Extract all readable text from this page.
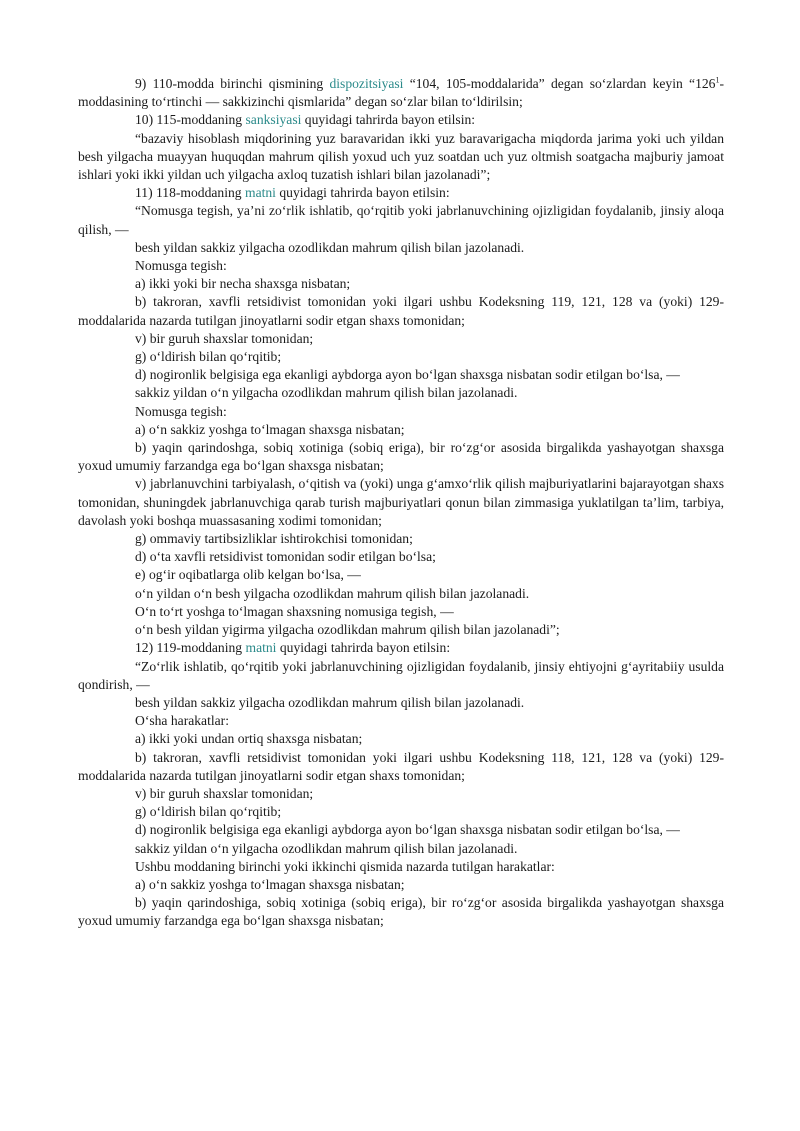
9) 110-modda birinchi qismining dispozitsiyasi “104, 105-moddalarida” degan so‘zlardan keyin “$126^1$-moddasining to‘rtinchi — sakkizinchi qismlarida” degan so‘zlar bilan to‘ldirilsin;

10) 115-moddaning sanksiyasi quyidagi tahrirda bayon etilsin:

“bazaviy hisoblash miqdorining yuz baravaridan ikki yuz baravarigacha miqdorda jarima yoki uch yildan besh yilgacha muayyan huquqdan mahrum qilish yoxud uch yuz soatdan uch yuz oltmish soatgacha majburiy jamoat ishlari yoki ikki yildan uch yilgacha axloq tuzatish ishlari bilan jazolanadi”;

11) 118-moddaning matni quyidagi tahrirda bayon etilsin:

“Nomusga tegish, ya’ni zo‘rlik ishlatib, qo‘rqitib yoki jabrlanuvchining ojizligidan foydalanib, jinsiy aloqa qilish, —

besh yildan sakkiz yilgacha ozodlikdan mahrum qilish bilan jazolanadi.

Nomusga tegish:

a) ikki yoki bir necha shaxsga nisbatan;

b) takroran, xavfli retsidivist tomonidan yoki ilgari ushbu Kodeksning 119, 121, 128 va (yoki) 129-moddalarida nazarda tutilgan jinoyatlarni sodir etgan shaxs tomonidan;

v) bir guruh shaxslar tomonidan;

g) o‘ldirish bilan qo‘rqitib;

d) nogironlik belgisiga ega ekanligi aybdorga ayon bo‘lgan shaxsga nisbatan sodir etilgan bo‘lsa, —

sakkiz yildan o‘n yilgacha ozodlikdan mahrum qilish bilan jazolanadi.

Nomusga tegish:

a) o‘n sakkiz yoshga to‘lmagan shaxsga nisbatan;

b) yaqin qarindoshga, sobiq xotiniga (sobiq eriga), bir ro‘zg‘or asosida birgalikda yashayotgan shaxsga yoxud umumiy farzandga ega bo‘lgan shaxsga nisbatan;

v) jabrlanuvchini tarbiyalash, o‘qitish va (yoki) unga g‘amxo‘rlik qilish majburiyatlarini bajarayotgan shaxs tomonidan, shuningdek jabrlanuvchiga qarab turish majburiyatlari qonun bilan zimmasiga yuklatilgan ta’lim, tarbiya, davolash yoki boshqa muassasaning xodimi tomonidan;

g) ommaviy tartibsizliklar ishtirokchisi tomonidan;

d) o‘ta xavfli retsidivist tomonidan sodir etilgan bo‘lsa;

e) og‘ir oqibatlarga olib kelgan bo‘lsa, —

o‘n yildan o‘n besh yilgacha ozodlikdan mahrum qilish bilan jazolanadi.

O‘n to‘rt yoshga to‘lmagan shaxsning nomusiga tegish, —

o‘n besh yildan yigirma yilgacha ozodlikdan mahrum qilish bilan jazolanadi”;

12) 119-moddaning matni quyidagi tahrirda bayon etilsin:

“Zo‘rlik ishlatib, qo‘rqitib yoki jabrlanuvchining ojizligidan foydalanib, jinsiy ehtiyojni g‘ayritabiiy usulda qondirish, —

besh yildan sakkiz yilgacha ozodlikdan mahrum qilish bilan jazolanadi.

O‘sha harakatlar:

a) ikki yoki undan ortiq shaxsga nisbatan;

b) takroran, xavfli retsidivist tomonidan yoki ilgari ushbu Kodeksning 118, 121, 128 va (yoki) 129-moddalarida nazarda tutilgan jinoyatlarni sodir etgan shaxs tomonidan;

v) bir guruh shaxslar tomonidan;

g) o‘ldirish bilan qo‘rqitib;

d) nogironlik belgisiga ega ekanligi aybdorga ayon bo‘lgan shaxsga nisbatan sodir etilgan bo‘lsa, —

sakkiz yildan o‘n yilgacha ozodlikdan mahrum qilish bilan jazolanadi.

Ushbu moddaning birinchi yoki ikkinchi qismida nazarda tutilgan harakatlar:

a) o‘n sakkiz yoshga to‘lmagan shaxsga nisbatan;

b) yaqin qarindoshiga, sobiq xotiniga (sobiq eriga), bir ro‘zg‘or asosida birgalikda yashayotgan shaxsga yoxud umumiy farzandga ega bo‘lgan shaxsga nisbatan;
